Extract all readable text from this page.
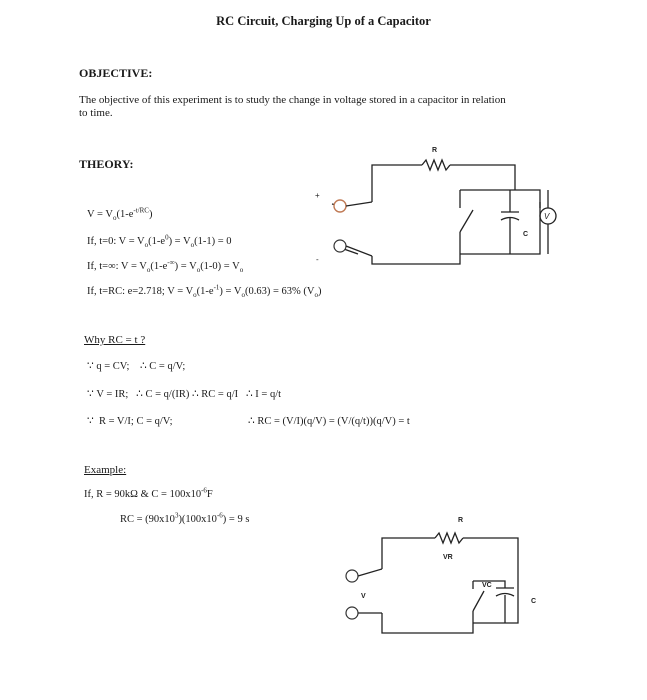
RC Circuit, Charging Up of a Capacitor
OBJECTIVE:
The objective of this experiment is to study the change in voltage stored in a capacitor in relation
to time.
THEORY:
$V = V_o(1-e^{-t/RC})$
If, t=0: $V = V_o(1-e^0) = V_o(1-1) = 0$
If, t=∞: $V = V_o(1-e^{-\infty}) = V_o(1-0) = V_o$
If, t=RC: e=2.718; $V = V_o(1-e^{-1}) = V_o(0.63) = 63\%$ $(V_o)$
+
-
R
C
V
Why RC = t ?
∵ q = CV; ∴ C = q/V;
∵ V = IR; ∴ C = q/(IR) ∴ RC = q/I ∴ I = q/t
∵ R = V/I; C = q/V;	∴ RC = (V/I)(q/V) = (V/(q/t))(q/V) = t
Example:
If, R = 90kΩ & $C = 100x10^{-6}F$
RC = $(90x10^3)(100x10^{-6}) = 9$ s	R
VR
VC
C
V
